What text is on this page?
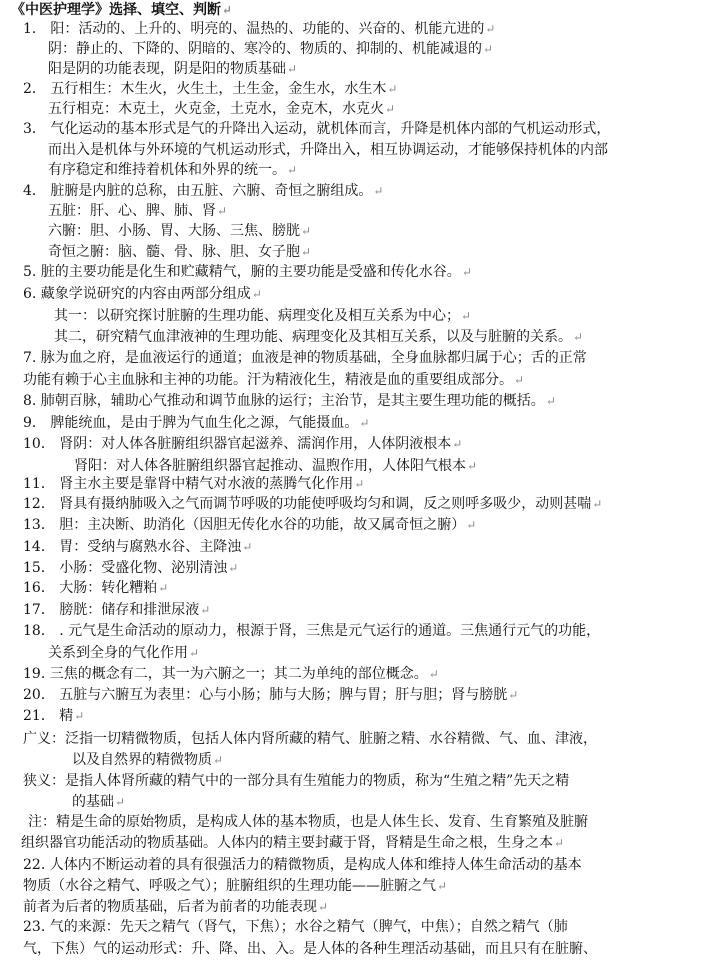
《中医护理学》选择、填空、判断↵
1． 阳：活动的、上升的、明亮的、温热的、功能的、兴奋的、机能亢进的↵
阴：静止的、下降的、阴暗的、寒冷的、物质的、抑制的、机能减退的↵
阳是阴的功能表现，阴是阳的物质基础↵
2． 五行相生：木生火，火生土，土生金，金生水，水生木↵
五行相克：木克土，火克金，土克水，金克木，水克火↵
3． 气化运动的基本形式是气的升降出入运动，就机体而言，升降是机体内部的气机运动形式，
而出入是机体与外环境的气机运动形式，升降出入，相互协调运动，才能够保持机体的内部
有序稳定和维持着机体和外界的统一。↵
4． 脏腑是内脏的总称，由五脏、六腑、奇恒之腑组成。↵
五脏：肝、心、脾、肺、肾↵
六腑：胆、小肠、胃、大肠、三焦、膀胱↵
奇恒之腑：脑、髓、骨、脉、胆、女子胞↵
5. 脏的主要功能是化生和贮藏精气，腑的主要功能是受盛和传化水谷。↵
6. 藏象学说研究的内容由两部分组成↵
其一：以研究探讨脏腑的生理功能、病理变化及相互关系为中心；↵
其二，研究精气血津液神的生理功能、病理变化及其相互关系，以及与脏腑的关系。↵
7. 脉为血之府，是血液运行的通道；血液是神的物质基础，全身血脉都归属于心；舌的正常
功能有赖于心主血脉和主神的功能。汗为精液化生，精液是血的重要组成部分。↵
8. 肺朝百脉，辅助心气推动和调节血脉的运行；主治节，是其主要生理功能的概括。↵
9． 脾能统血，是由于脾为气血生化之源，气能摄血。↵
10． 肾阴：对人体各脏腑组织器官起滋养、濡润作用，人体阴液根本↵
肾阳：对人体各脏腑组织器官起推动、温煦作用，人体阳气根本↵
11． 肾主水主要是靠肾中精气对水液的蒸腾气化作用↵
12． 肾具有摄纳肺吸入之气而调节呼吸的功能使呼吸均匀和调，反之则呼多吸少，动则甚喘↵
13． 胆：主决断、助消化（因胆无传化水谷的功能，故又属奇恒之腑）↵
14． 胃：受纳与腐熟水谷、主降浊↵
15． 小肠：受盛化物、泌别清浊↵
16． 大肠：转化糟粕↵
17． 膀胱：储存和排泄尿液↵
18． . 元气是生命活动的原动力，根源于肾，三焦是元气运行的通道。三焦通行元气的功能，
关系到全身的气化作用↵
19. 三焦的概念有二，其一为六腑之一；其二为单纯的部位概念。↵
20． 五脏与六腑互为表里：心与小肠；肺与大肠；脾与胃；肝与胆；肾与膀胱↵
21． 精↵
广义：泛指一切精微物质，包括人体内肾所藏的精气、脏腑之精、水谷精微、气、血、津液，
以及自然界的精微物质↵
狭义：是指人体肾所藏的精气中的一部分具有生殖能力的物质，称为“生殖之精”先天之精
的基础↵
注：精是生命的原始物质，是构成人体的基本物质，也是人体生长、发育、生育繁殖及脏腑
组织器官功能活动的物质基础。人体内的精主要封藏于肾，肾精是生命之根，生身之本↵
22. 人体内不断运动着的具有很强活力的精微物质，是构成人体和维持人体生命活动的基本
物质（水谷之精气、呼吸之气）；脏腑组织的生理功能——脏腑之气↵
前者为后者的物质基础，后者为前者的功能表现↵
23. 气的来源：先天之精气（肾气，下焦）；水谷之精气（脾气，中焦）；自然之精气（肺
气，下焦）气的运动形式：升、降、出、入。是人体的各种生理活动基础，而且只有在脏腑、
